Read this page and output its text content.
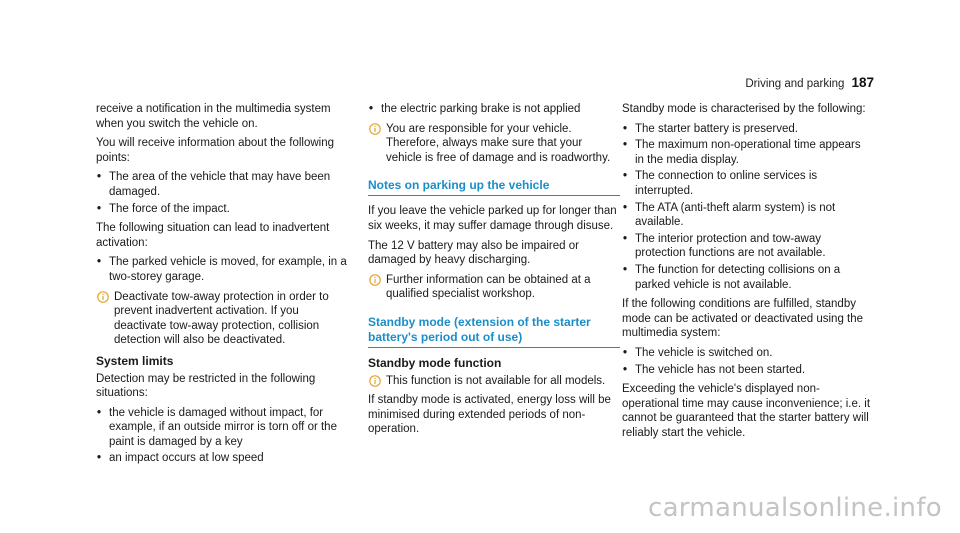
Driving and parking 187

receive a notification in the multimedia system when you switch the vehicle on.

You will receive information about the following points:

• The area of the vehicle that may have been damaged.
• The force of the impact.

The following situation can lead to inadvertent activation:

• The parked vehicle is moved, for example, in a two-storey garage.
Deactivate tow-away protection in order to prevent inadvertent activation. If you deactivate tow-away protection, collision detection will also be deactivated.
System limits

Detection may be restricted in the following situations:

• the vehicle is damaged without impact, for example, if an outside mirror is torn off or the paint is damaged by a key
• an impact occurs at low speed
• the electric parking brake is not applied
You are responsible for your vehicle. Therefore, always make sure that your vehicle is free of damage and is roadworthy.
Notes on parking up the vehicle

If you leave the vehicle parked up for longer than six weeks, it may suffer damage through disuse.

The 12 V battery may also be impaired or damaged by heavy discharging.

Further information can be obtained at a qualified specialist workshop.
Standby mode (extension of the starter battery's period out of use)
Standby mode function
This function is not available for all models.

If standby mode is activated, energy loss will be minimised during extended periods of non-operation.

Standby mode is characterised by the following:

• The starter battery is preserved.
• The maximum non-operational time appears in the media display.
• The connection to online services is interrupted.
• The ATA (anti-theft alarm system) is not available.
• The interior protection and tow-away protection functions are not available.
• The function for detecting collisions on a parked vehicle is not available.

If the following conditions are fulfilled, standby mode can be activated or deactivated using the multimedia system:

• The vehicle is switched on.
• The vehicle has not been started.

Exceeding the vehicle's displayed non-operational time may cause inconvenience; i.e. it cannot be guaranteed that the starter battery will reliably start the vehicle.

carmanualsonline.info
